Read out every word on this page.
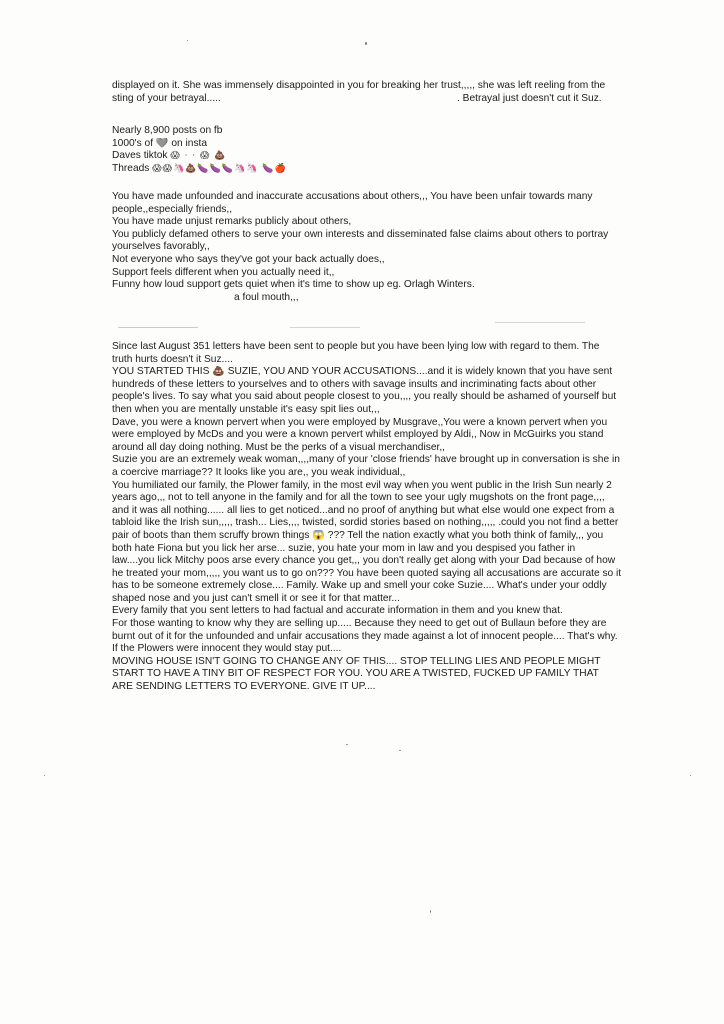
displayed on it. She was immensely disappointed in you for breaking her trust,,,,, she was left reeling from the
sting of your betrayal.....	. Betrayal just doesn't cut it Suz.
Nearly 8,900 posts on fb
1000's of 🩶 on insta
Daves tiktok 😱 · · 😱 💩
Threads 😱😱🦄💩🍆🍆🍆🦄🦄 🍆🍎
You have made unfounded and inaccurate accusations about others,,, You have been unfair towards many
people,,especially friends,,
You have made unjust remarks publicly about others,
You publicly defamed others to serve your own interests and disseminated false claims about others to portray
yourselves favorably,,
Not everyone who says they've got your back actually does,,
Support feels different when you actually need it,,
Funny how loud support gets quiet when it's time to show up eg. Orlagh Winters.
a foul mouth,,,
Since last August 351 letters have been sent to people but you have been lying low with regard to them. The
truth hurts doesn't it Suz....
YOU STARTED THIS 💩 SUZIE, YOU AND YOUR ACCUSATIONS....and it is widely known that you have sent
hundreds of these letters to yourselves and to others with savage insults and incriminating facts about other
people's lives. To say what you said about people closest to you,,,, you really should be ashamed of yourself but
then when you are mentally unstable it's easy spit lies out,,,
Dave, you were a known pervert when you were employed by Musgrave,,You were a known pervert when you
were employed by McDs and you were a known pervert whilst employed by Aldi,, Now in McGuirks you stand
around all day doing nothing. Must be the perks of a visual merchandiser,,
Suzie you are an extremely weak woman,,,,many of your 'close friends' have brought up in conversation is she in
a coercive marriage?? It looks like you are,, you weak individual,,
You humiliated our family, the Plower family, in the most evil way when you went public in the Irish Sun nearly 2
years ago,,, not to tell anyone in the family and for all the town to see your ugly mugshots on the front page,,,,
and it was all nothing...... all lies to get noticed...and no proof of anything but what else would one expect from a
tabloid like the Irish sun,,,,, trash... Lies,,,, twisted, sordid stories based on nothing,,,,, .could you not find a better
pair of boots than them scruffy brown things 😱 ??? Tell the nation exactly what you both think of family,,, you
both hate Fiona but you lick her arse... suzie, you hate your mom in law and you despised you father in
law....you lick Mitchy poos arse every chance you get,,, you don't really get along with your Dad because of how
he treated your mom,,,,, you want us to go on??? You have been quoted saying all accusations are accurate so it
has to be someone extremely close.... Family. Wake up and smell your coke Suzie.... What's under your oddly
shaped nose and you just can't smell it or see it for that matter...
Every family that you sent letters to had factual and accurate information in them and you knew that.
For those wanting to know why they are selling up..... Because they need to get out of Bullaun before they are
burnt out of it for the unfounded and unfair accusations they made against a lot of innocent people.... That's why.
If the Plowers were innocent they would stay put....
MOVING HOUSE ISN'T GOING TO CHANGE ANY OF THIS.... STOP TELLING LIES AND PEOPLE MIGHT
START TO HAVE A TINY BIT OF RESPECT FOR YOU. YOU ARE A TWISTED, FUCKED UP FAMILY THAT
ARE SENDING LETTERS TO EVERYONE. GIVE IT UP....
